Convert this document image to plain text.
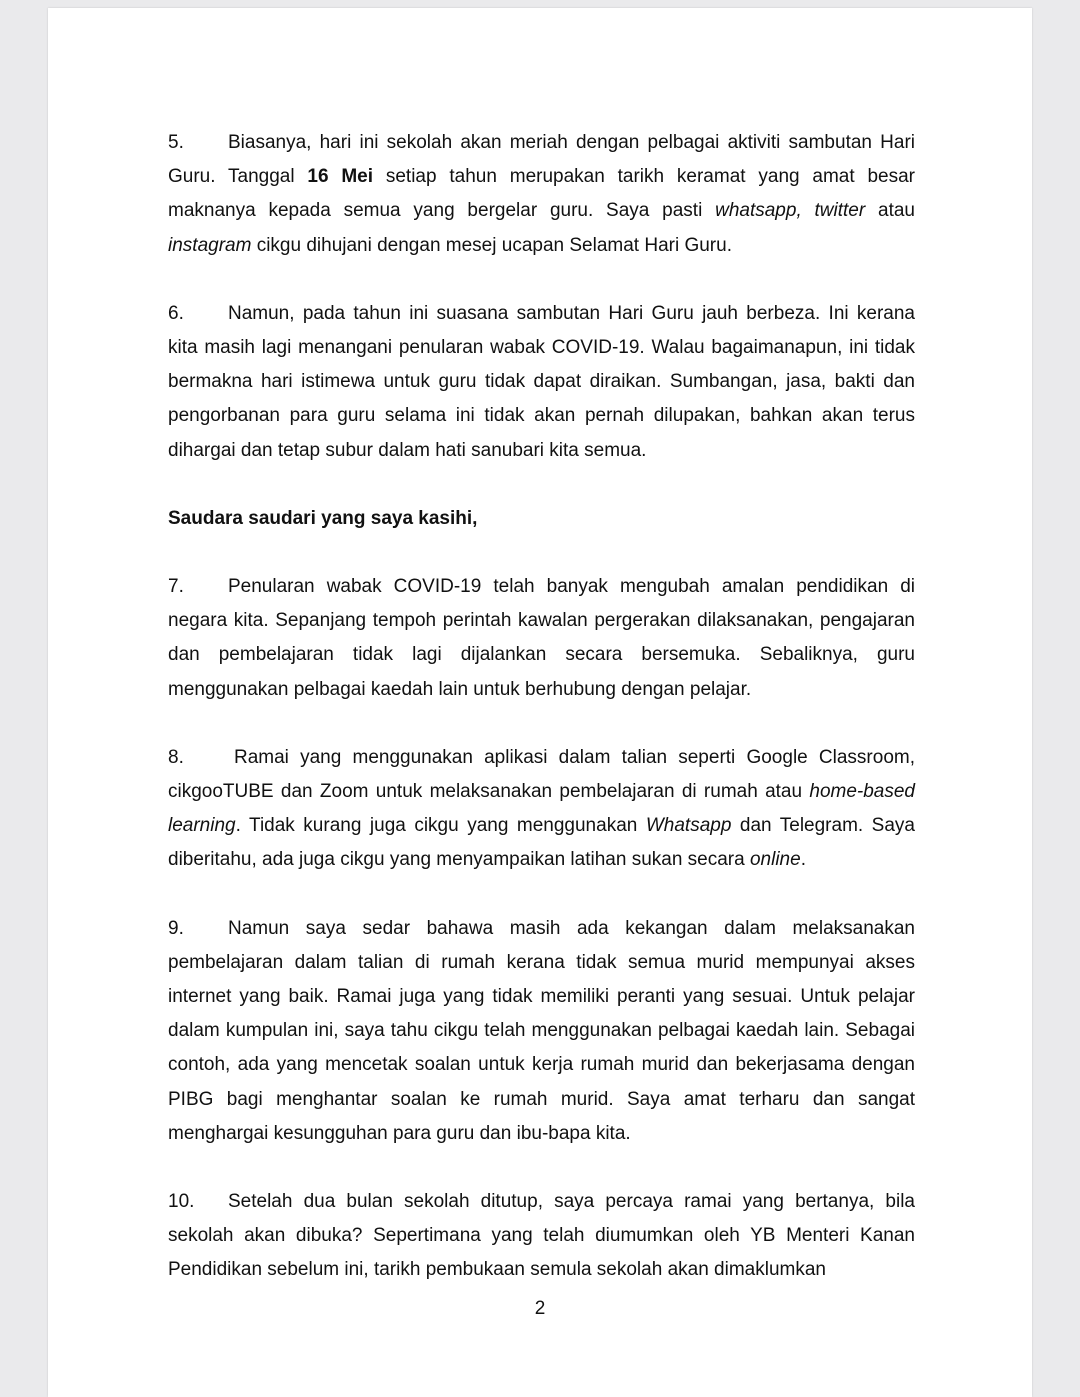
5. Biasanya, hari ini sekolah akan meriah dengan pelbagai aktiviti sambutan Hari Guru. Tanggal 16 Mei setiap tahun merupakan tarikh keramat yang amat besar maknanya kepada semua yang bergelar guru. Saya pasti whatsapp, twitter atau instagram cikgu dihujani dengan mesej ucapan Selamat Hari Guru.

6. Namun, pada tahun ini suasana sambutan Hari Guru jauh berbeza. Ini kerana kita masih lagi menangani penularan wabak COVID-19. Walau bagaimanapun, ini tidak bermakna hari istimewa untuk guru tidak dapat diraikan. Sumbangan, jasa, bakti dan pengorbanan para guru selama ini tidak akan pernah dilupakan, bahkan akan terus dihargai dan tetap subur dalam hati sanubari kita semua.

Saudara saudari yang saya kasihi,

7. Penularan wabak COVID-19 telah banyak mengubah amalan pendidikan di negara kita. Sepanjang tempoh perintah kawalan pergerakan dilaksanakan, pengajaran dan pembelajaran tidak lagi dijalankan secara bersemuka. Sebaliknya, guru menggunakan pelbagai kaedah lain untuk berhubung dengan pelajar.

8.	Ramai yang menggunakan aplikasi dalam talian seperti Google Classroom, cikgooTUBE dan Zoom untuk melaksanakan pembelajaran di rumah atau home-based learning. Tidak kurang juga cikgu yang menggunakan Whatsapp dan Telegram. Saya diberitahu, ada juga cikgu yang menyampaikan latihan sukan secara online.

9. Namun saya sedar bahawa masih ada kekangan dalam melaksanakan pembelajaran dalam talian di rumah kerana tidak semua murid mempunyai akses internet yang baik. Ramai juga yang tidak memiliki peranti yang sesuai. Untuk pelajar dalam kumpulan ini, saya tahu cikgu telah menggunakan pelbagai kaedah lain. Sebagai contoh, ada yang mencetak soalan untuk kerja rumah murid dan bekerjasama dengan PIBG bagi menghantar soalan ke rumah murid. Saya amat terharu dan sangat menghargai kesungguhan para guru dan ibu-bapa kita.

10. Setelah dua bulan sekolah ditutup, saya percaya ramai yang bertanya, bila sekolah akan dibuka? Sepertimana yang telah diumumkan oleh YB Menteri Kanan Pendidikan sebelum ini, tarikh pembukaan semula sekolah akan dimaklumkan

2
